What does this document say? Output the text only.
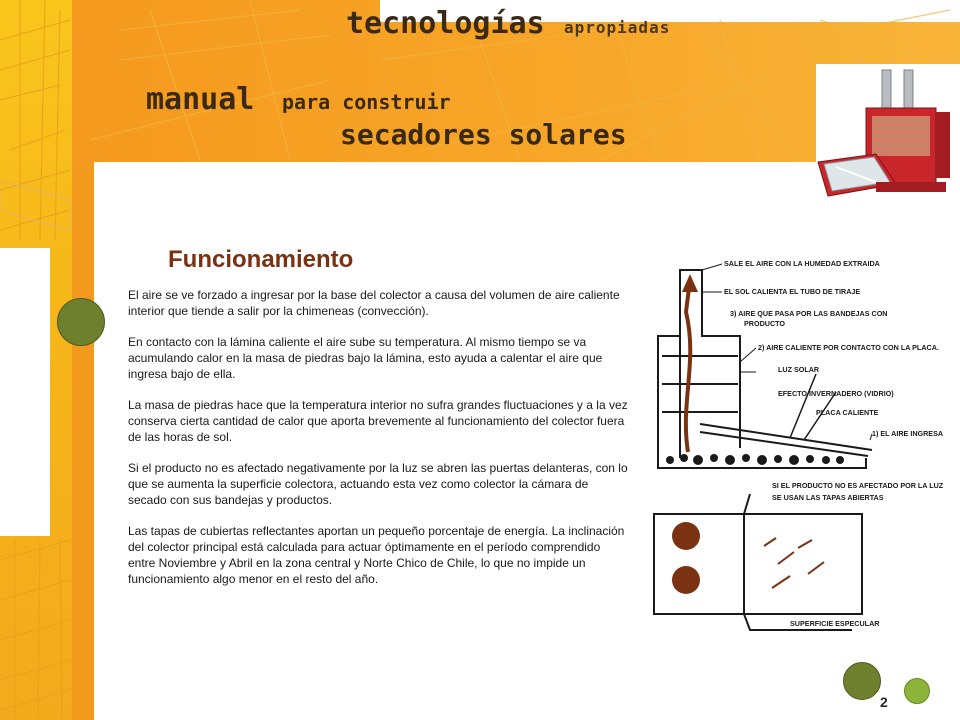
tecnologías apropiadas
manual para construir
secadores solares
Funcionamiento

El aire se ve forzado a ingresar por la base del colector a causa del volumen de aire caliente interior que tiende a salir por la chimeneas (convección).

En contacto con la lámina caliente el aire sube su temperatura. Al mismo tiempo se va acumulando calor en la masa de piedras bajo la lámina, esto ayuda a calentar el aire que ingresa bajo de ella.

La masa de piedras hace que la temperatura interior no sufra grandes fluctuaciones y a la vez conserva cierta cantidad de calor que aporta brevemente al funcionamiento del colector fuera de las horas de sol.

Si el producto no es afectado negativamente por la luz se abren las puertas delanteras, con lo que se aumenta la superficie colectora, actuando esta vez como colector la cámara de secado con sus bandejas y productos.

Las tapas de cubiertas reflectantes aportan un pequeño porcentaje de energía. La inclinación del colector principal está calculada para actuar óptimamente en el período comprendido entre Noviembre y Abril en la zona central y Norte Chico de Chile, lo que no impide un funcionamiento algo menor en el resto del año.

SALE EL AIRE CON LA HUMEDAD EXTRAIDA
EL SOL CALIENTA EL TUBO DE TIRAJE
3) AIRE QUE PASA POR LAS BANDEJAS CON
PRODUCTO
2) AIRE CALIENTE POR CONTACTO CON LA PLACA.
LUZ SOLAR
EFECTO INVERNADERO (VIDRIO)
PLACA CALIENTE
1) EL AIRE INGRESA
SI EL PRODUCTO NO ES AFECTADO POR LA LUZ
SE USAN LAS TAPAS ABIERTAS
SUPERFICIE ESPECULAR
2
